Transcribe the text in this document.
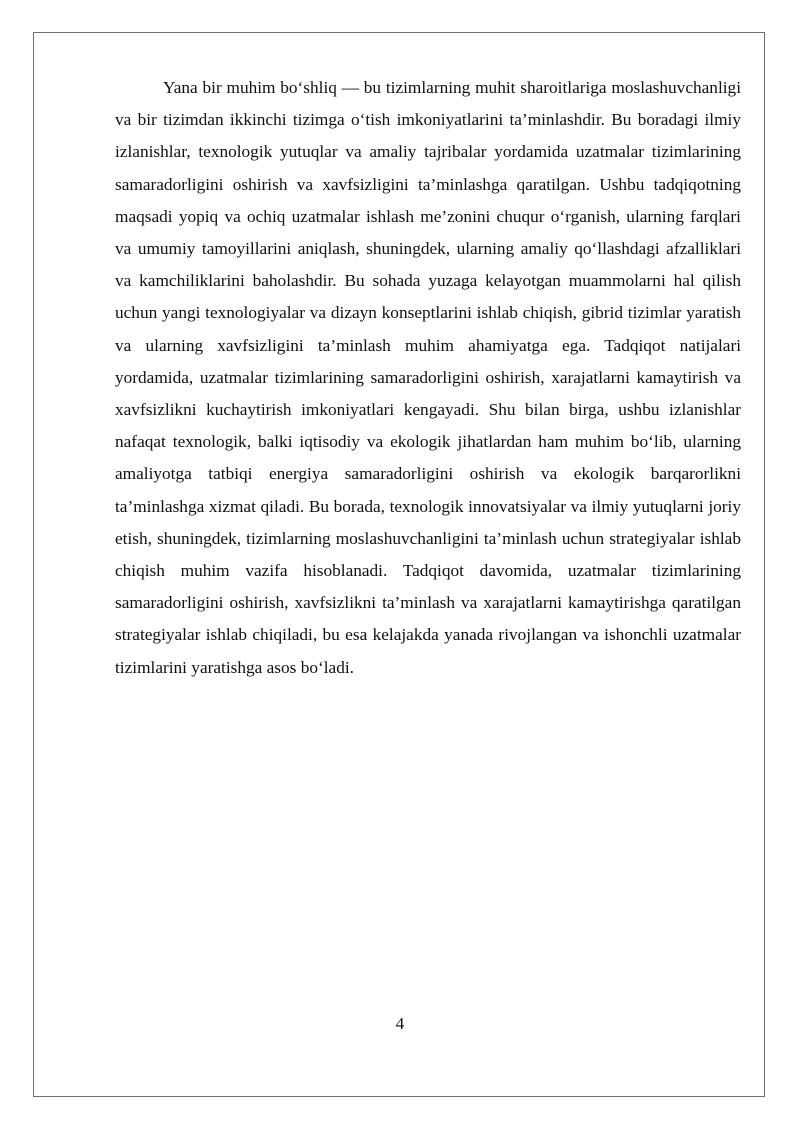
Yana bir muhim bo‘shliq — bu tizimlarning muhit sharoitlariga moslashuvchanligi va bir tizimdan ikkinchi tizimga o‘tish imkoniyatlarini ta’minlashdir. Bu boradagi ilmiy izlanishlar, texnologik yutuqlar va amaliy tajribalar yordamida uzatmalar tizimlarining samaradorligini oshirish va xavfsizligini ta’minlashga qaratilgan. Ushbu tadqiqotning maqsadi yopiq va ochiq uzatmalar ishlash me’zonini chuqur o‘rganish, ularning farqlari va umumiy tamoyillarini aniqlash, shuningdek, ularning amaliy qo‘llashdagi afzalliklari va kamchiliklarini baholashdir. Bu sohada yuzaga kelayotgan muammolarni hal qilish uchun yangi texnologiyalar va dizayn konseptlarini ishlab chiqish, gibrid tizimlar yaratish va ularning xavfsizligini ta’minlash muhim ahamiyatga ega. Tadqiqot natijalari yordamida, uzatmalar tizimlarining samaradorligini oshirish, xarajatlarni kamaytirish va xavfsizlikni kuchaytirish imkoniyatlari kengayadi. Shu bilan birga, ushbu izlanishlar nafaqat texnologik, balki iqtisodiy va ekologik jihatlardan ham muhim bo‘lib, ularning amaliyotga tatbiqi energiya samaradorligini oshirish va ekologik barqarorlikni ta’minlashga xizmat qiladi. Bu borada, texnologik innovatsiyalar va ilmiy yutuqlarni joriy etish, shuningdek, tizimlarning moslashuvchanligini ta’minlash uchun strategiyalar ishlab chiqish muhim vazifa hisoblanadi. Tadqiqot davomida, uzatmalar tizimlarining samaradorligini oshirish, xavfsizlikni ta’minlash va xarajatlarni kamaytirishga qaratilgan strategiyalar ishlab chiqiladi, bu esa kelajakda yanada rivojlangan va ishonchli uzatmalar tizimlarini yaratishga asos bo‘ladi.

4
